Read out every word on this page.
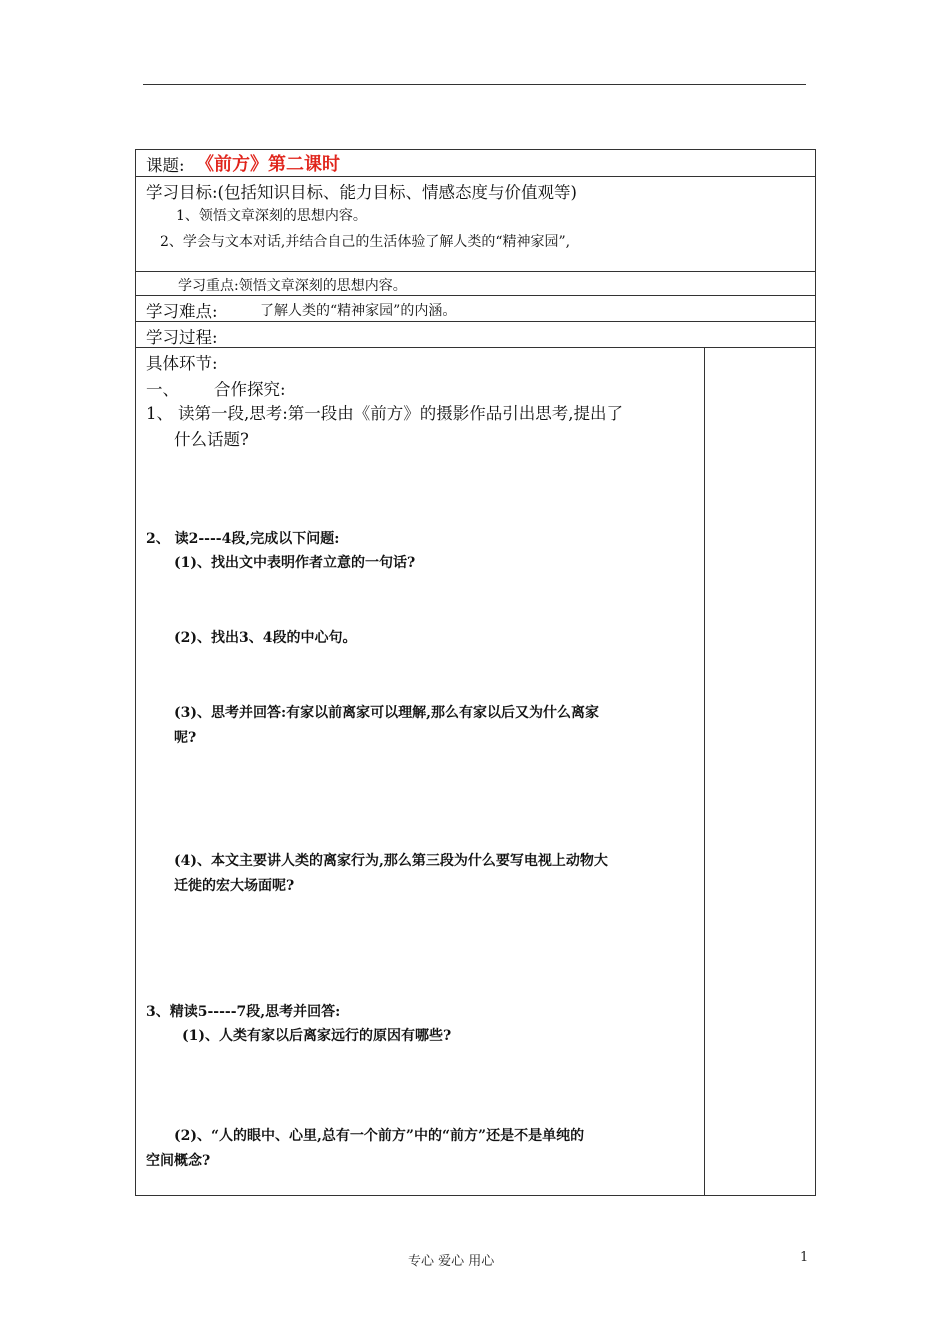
课题: 《前方》第二课时
学习目标:(包括知识目标、能力目标、情感态度与价值观等)
1、领悟文章深刻的思想内容。
2、学会与文本对话,并结合自己的生活体验了解人类的“精神家园”,
学习重点:领悟文章深刻的思想内容。
学习难点:	了解人类的“精神家园”的内涵。
学习过程:
具体环节:
一、 合作探究:
1、 读第一段,思考:第一段由《前方》的摄影作品引出思考,提出了
什么话题?
2、 读2----4段,完成以下问题:
(1)、找出文中表明作者立意的一句话?
(2)、找出3、4段的中心句。
(3)、思考并回答:有家以前离家可以理解,那么有家以后又为什么离家
呢?
(4)、本文主要讲人类的离家行为,那么第三段为什么要写电视上动物大
迁徙的宏大场面呢?
3、精读5-----7段,思考并回答:
(1)、人类有家以后离家远行的原因有哪些?
(2)、“人的眼中、心里,总有一个前方”中的“前方”还是不是单纯的
空间概念?
专心 爱心 用心	1
